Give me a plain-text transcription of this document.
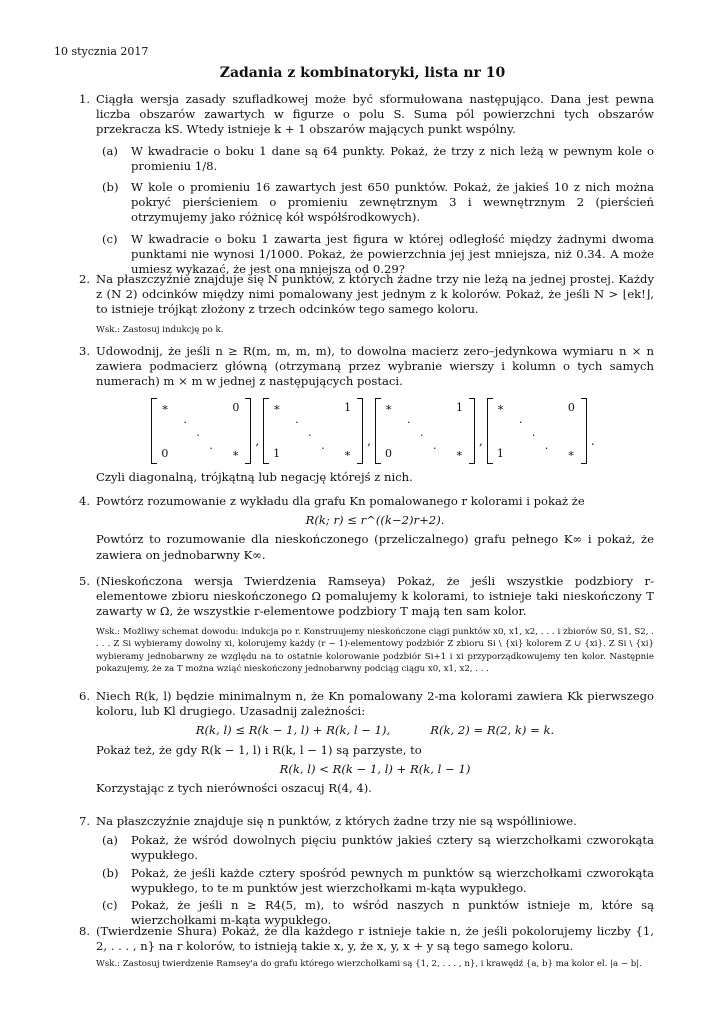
10 stycznia 2017
Zadania z kombinatoryki, lista nr 10
1. Ciągła wersja zasady szufladkowej może być sformułowana następująco. Dana jest pewna liczba obszarów zawartych w figurze o polu S. Suma pól powierzchni tych obszarów przekracza kS. Wtedy istnieje k + 1 obszarów mających punkt wspólny.

(a) W kwadracie o boku 1 dane są 64 punkty. Pokaż, że trzy z nich leżą w pewnym kole o promieniu 1/8.
(b) W kole o promieniu 16 zawartych jest 650 punktów. Pokaż, że jakieś 10 z nich można pokryć pierścieniem o promieniu zewnętrznym 3 i wewnętrznym 2 (pierścień otrzymujemy jako różnicę kół współśrodkowych).
(c) W kwadracie o boku 1 zawarta jest figura w której odległość między żadnymi dwoma punktami nie wynosi 1/1000. Pokaż, że powierzchnia jej jest mniejsza, niż 0.34. A może umiesz wykazać, że jest ona mniejsza od 0.29?
2. Na płaszczyźnie znajduje się N punktów, z których żadne trzy nie leżą na jednej prostej. Każdy z (N 2) odcinków między nimi pomalowany jest jednym z k kolorów. Pokaż, że jeśli N > ⌊ek!⌋, to istnieje trójkąt złożony z trzech odcinków tego samego koloru.

Wsk.: Zastosuj indukcję po k.
3. Udowodnij, że jeśli n ≥ R(m, m, m, m), to dowolna macierz zero–jedynkowa wymiaru n × n zawiera podmacierz główną (otrzymaną przez wybranie wierszy i kolumn o tych samych numerach) m × m w jednej z następujących postaci.

∗	0
.
.
.
0	∗
,
∗	1
.
.
.
1	∗
,
∗	1
.
.
.
0	∗
,
∗	0
.
.
.
1	∗
.

Czyli diagonalną, trójkątną lub negację którejś z nich.

4. Powtórz rozumowanie z wykładu dla grafu Kn pomalowanego r kolorami i pokaż że

R(k; r) ≤ r^((k−2)r+2).

Powtórz to rozumowanie dla nieskończonego (przeliczalnego) grafu pełnego K∞ i pokaż, że zawiera on jednobarwny K∞.

5. (Nieskończona wersja Twierdzenia Ramseya) Pokaż, że jeśli wszystkie podzbiory r-elementowe zbioru nieskończonego Ω pomalujemy k kolorami, to istnieje taki nieskończony T zawarty w Ω, że wszystkie r-elementowe podzbiory T mają ten sam kolor.

Wsk.: Możliwy schemat dowodu: indukcja po r. Konstruujemy nieskończone ciągi punktów x0, x1, x2, . . . i zbiorów S0, S1, S2, . . . . Z Si wybieramy dowolny xi, kolorujemy każdy (r − 1)-elementowy podzbiór Z zbioru Si \ {xi} kolorem Z ∪ {xi}. Z Si \ {xi} wybieramy jednobarwny ze względu na to ostatnie kolorowanie podzbiór Si+1 i xi przyporządkowujemy ten kolor. Następnie pokazujemy, że za T można wziąć nieskończony jednobarwny podciąg ciągu x0, x1, x2, . . .
6. Niech R(k, l) będzie minimalnym n, że Kn pomalowany 2-ma kolorami zawiera Kk pierwszego koloru, lub Kl drugiego. Uzasadnij zależności:

R(k, l) ≤ R(k − 1, l) + R(k, l − 1),	R(k, 2) = R(2, k) = k.

Pokaż też, że gdy R(k − 1, l) i R(k, l − 1) są parzyste, to

R(k, l) < R(k − 1, l) + R(k, l − 1)

Korzystając z tych nierówności oszacuj R(4, 4).

7. Na płaszczyźnie znajduje się n punktów, z których żadne trzy nie są współliniowe.

(a) Pokaż, że wśród dowolnych pięciu punktów jakieś cztery są wierzchołkami czworokąta wypukłego.
(b) Pokaż, że jeśli każde cztery spośród pewnych m punktów są wierzchołkami czworokąta wypukłego, to te m punktów jest wierzchołkami m-kąta wypukłego.
(c) Pokaż, że jeśli n ≥ R4(5, m), to wśród naszych n punktów istnieje m, które są wierzchołkami m-kąta wypukłego.
8. (Twierdzenie Shura) Pokaż, że dla każdego r istnieje takie n, że jeśli pokolorujemy liczby {1, 2, . . . , n} na r kolorów, to istnieją takie x, y, że x, y, x + y są tego samego koloru.

Wsk.: Zastosuj twierdzenie Ramsey'a do grafu którego wierzchołkami są {1, 2, . . . , n}, i krawędź {a, b} ma kolor el. |a − b|.
